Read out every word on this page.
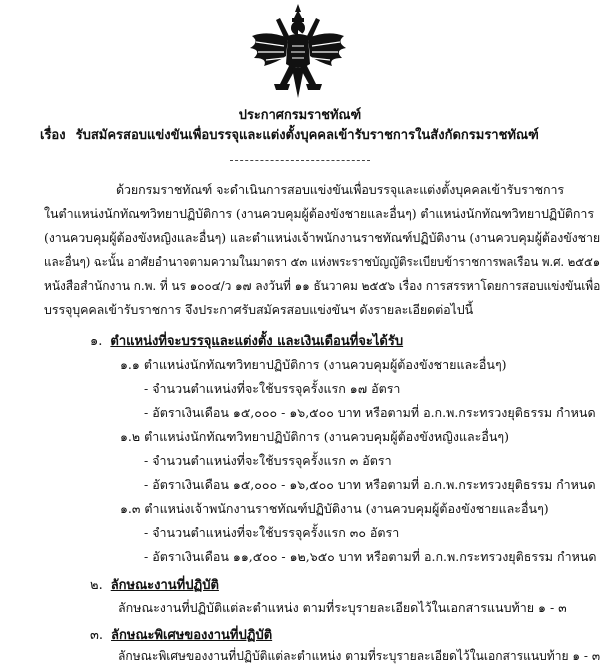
ประกาศกรมราชทัณฑ์
เรื่อง รับสมัครสอบแข่งขันเพื่อบรรจุและแต่งตั้งบุคคลเข้ารับราชการในสังกัดกรมราชทัณฑ์
ด้วยกรมราชทัณฑ์ จะดำเนินการสอบแข่งขันเพื่อบรรจุและแต่งตั้งบุคคลเข้ารับราชการ
ในตำแหน่งนักทัณฑวิทยาปฏิบัติการ (งานควบคุมผู้ต้องขังชายและอื่นๆ) ตำแหน่งนักทัณฑวิทยาปฏิบัติการ
(งานควบคุมผู้ต้องขังหญิงและอื่นๆ) และตำแหน่งเจ้าพนักงานราชทัณฑ์ปฏิบัติงาน (งานควบคุมผู้ต้องขังชาย
และอื่นๆ) ฉะนั้น อาศัยอำนาจตามความในมาตรา ๕๓ แห่งพระราชบัญญัติระเบียบข้าราชการพลเรือน พ.ศ. ๒๕๕๑
หนังสือสำนักงาน ก.พ. ที่ นร ๑๐๐๔/ว ๑๗ ลงวันที่ ๑๑ ธันวาคม ๒๕๕๖ เรื่อง การสรรหาโดยการสอบแข่งขันเพื่อ
บรรจุบุคคลเข้ารับราชการ จึงประกาศรับสมัครสอบแข่งขันฯ ดังรายละเอียดต่อไปนี้
๑. ตำแหน่งที่จะบรรจุและแต่งตั้ง และเงินเดือนที่จะได้รับ
๑.๑ ตำแหน่งนักทัณฑวิทยาปฏิบัติการ (งานควบคุมผู้ต้องขังชายและอื่นๆ)
- จำนวนตำแหน่งที่จะใช้บรรจุครั้งแรก ๑๗ อัตรา
- อัตราเงินเดือน ๑๕,๐๐๐ - ๑๖,๕๐๐ บาท หรือตามที่ อ.ก.พ.กระทรวงยุติธรรม กำหนด
๑.๒ ตำแหน่งนักทัณฑวิทยาปฏิบัติการ (งานควบคุมผู้ต้องขังหญิงและอื่นๆ)
- จำนวนตำแหน่งที่จะใช้บรรจุครั้งแรก ๓ อัตรา
- อัตราเงินเดือน ๑๕,๐๐๐ - ๑๖,๕๐๐ บาท หรือตามที่ อ.ก.พ.กระทรวงยุติธรรม กำหนด
๑.๓ ตำแหน่งเจ้าพนักงานราชทัณฑ์ปฏิบัติงาน (งานควบคุมผู้ต้องขังชายและอื่นๆ)
- จำนวนตำแหน่งที่จะใช้บรรจุครั้งแรก ๓๐ อัตรา
- อัตราเงินเดือน ๑๑,๕๐๐ - ๑๒,๖๕๐ บาท หรือตามที่ อ.ก.พ.กระทรวงยุติธรรม กำหนด
๒. ลักษณะงานที่ปฏิบัติ
ลักษณะงานที่ปฏิบัติแต่ละตำแหน่ง ตามที่ระบุรายละเอียดไว้ในเอกสารแนบท้าย ๑ - ๓
๓. ลักษณะพิเศษของงานที่ปฏิบัติ
ลักษณะพิเศษของงานที่ปฏิบัติแต่ละตำแหน่ง ตามที่ระบุรายละเอียดไว้ในเอกสารแนบท้าย ๑ - ๓
